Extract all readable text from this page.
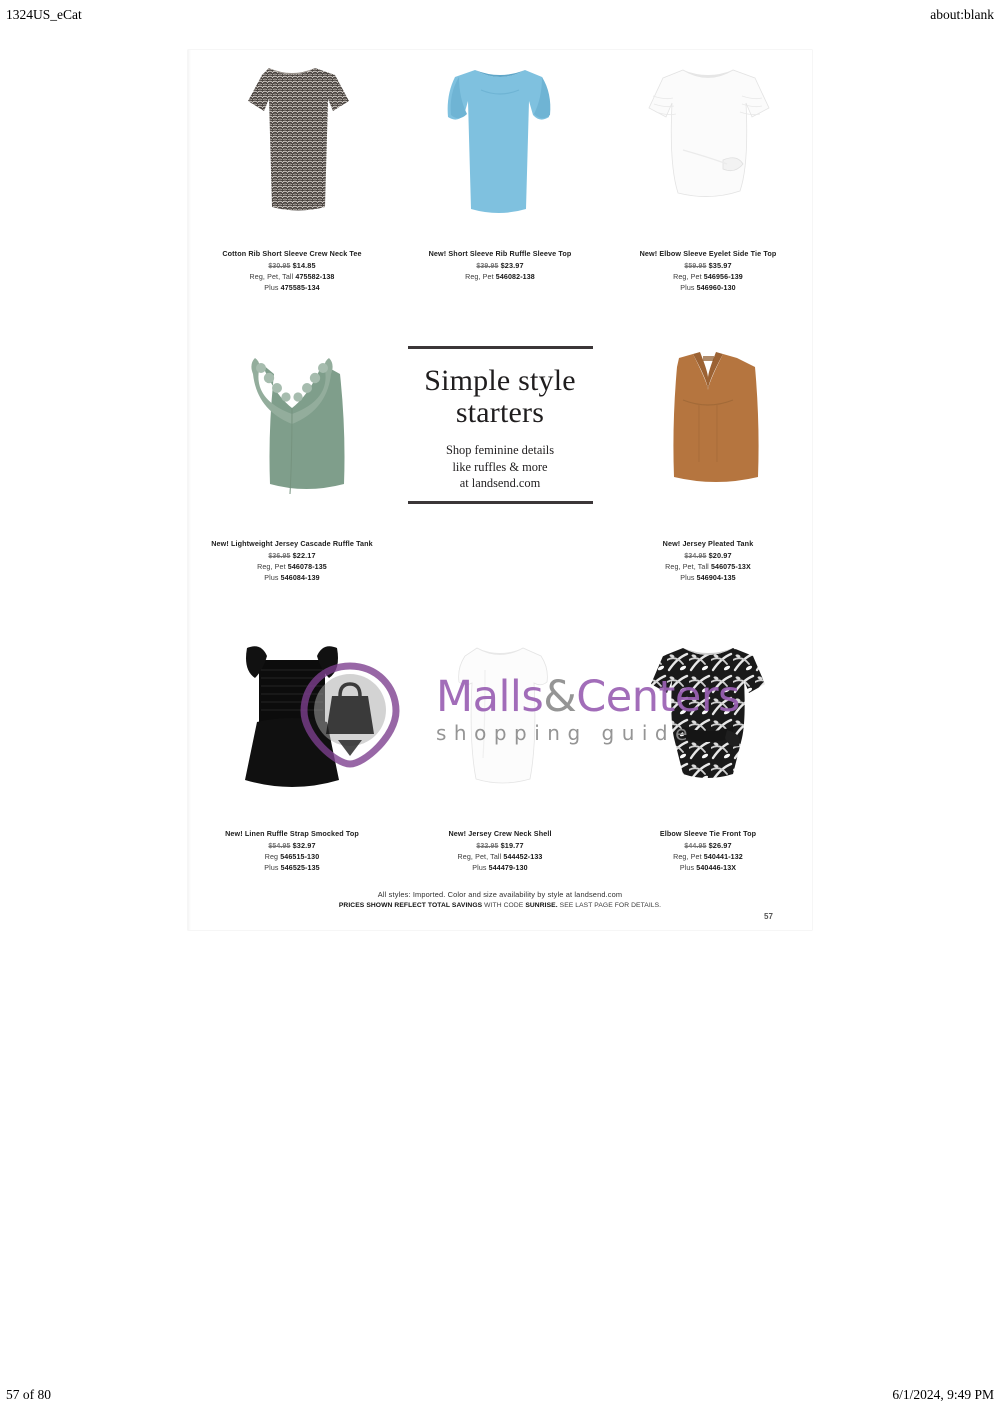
1324US_eCat	about:blank
Cotton Rib Short Sleeve Crew Neck Tee
$30.95 $14.85
Reg, Pet, Tall 475582-138
Plus 475585-134
New! Short Sleeve Rib Ruffle Sleeve Top
$39.95 $23.97
Reg, Pet 546082-138
New! Elbow Sleeve Eyelet Side Tie Top
$59.95 $35.97
Reg, Pet 546956-139
Plus 546960-130
New! Lightweight Jersey Cascade Ruffle Tank
$36.95 $22.17
Reg, Pet 546078-135
Plus 546084-139
Simple style
starters
Shop feminine details
like ruffles & more
at landsend.com
New! Jersey Pleated Tank
$34.95 $20.97
Reg, Pet, Tall 546075-13X
Plus 546904-135
New! Linen Ruffle Strap Smocked Top
$54.95 $32.97
Reg 546515-130
Plus 546525-135
New! Jersey Crew Neck Shell
$32.95 $19.77
Reg, Pet, Tall 544452-133
Plus 544479-130
Elbow Sleeve Tie Front Top
$44.95 $26.97
Reg, Pet 540441-132
Plus 540446-13X
All styles: Imported. Color and size availability by style at landsend.com
PRICES SHOWN REFLECT TOTAL SAVINGS WITH CODE SUNRISE. SEE LAST PAGE FOR DETAILS.
57
Malls&Centers
shopping guide
57 of 80	6/1/2024, 9:49 PM
